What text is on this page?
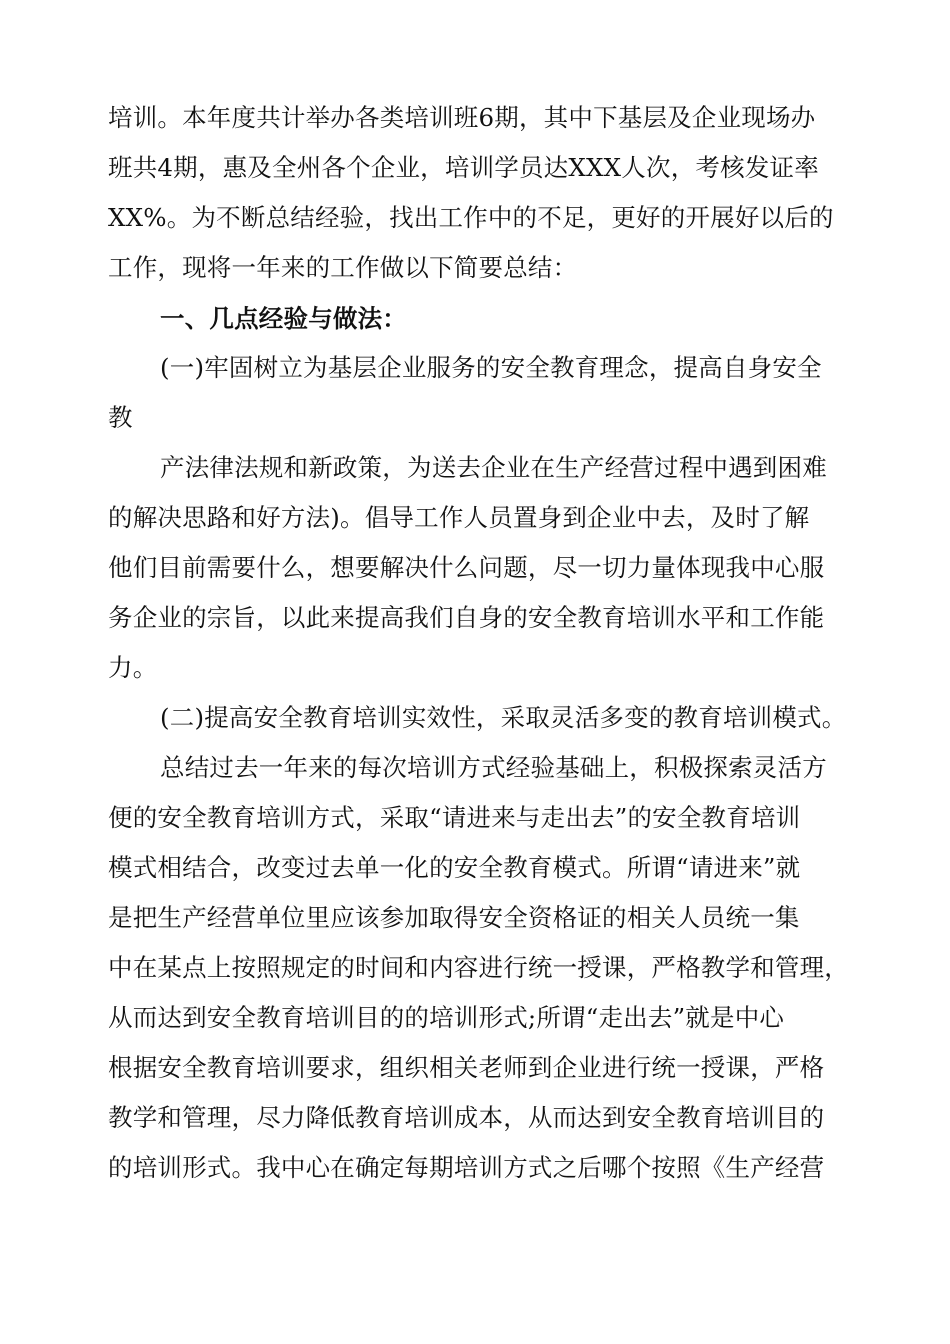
培训。本年度共计举办各类培训班6期，其中下基层及企业现场办
班共4期，惠及全州各个企业，培训学员达XXX人次，考核发证率
XX%。为不断总结经验，找出工作中的不足，更好的开展好以后的
工作，现将一年来的工作做以下简要总结：
一、几点经验与做法：
(一)牢固树立为基层企业服务的安全教育理念，提高自身安全
教
产法律法规和新政策，为送去企业在生产经营过程中遇到困难
的解决思路和好方法)。倡导工作人员置身到企业中去，及时了解
他们目前需要什么，想要解决什么问题，尽一切力量体现我中心服
务企业的宗旨，以此来提高我们自身的安全教育培训水平和工作能
力。
(二)提高安全教育培训实效性，采取灵活多变的教育培训模式。
总结过去一年来的每次培训方式经验基础上，积极探索灵活方
便的安全教育培训方式，采取“请进来与走出去”的安全教育培训
模式相结合，改变过去单一化的安全教育模式。所谓“请进来”就
是把生产经营单位里应该参加取得安全资格证的相关人员统一集
中在某点上按照规定的时间和内容进行统一授课，严格教学和管理，
从而达到安全教育培训目的的培训形式;所谓“走出去”就是中心
根据安全教育培训要求，组织相关老师到企业进行统一授课，严格
教学和管理，尽力降低教育培训成本，从而达到安全教育培训目的
的培训形式。我中心在确定每期培训方式之后哪个按照《生产经营
